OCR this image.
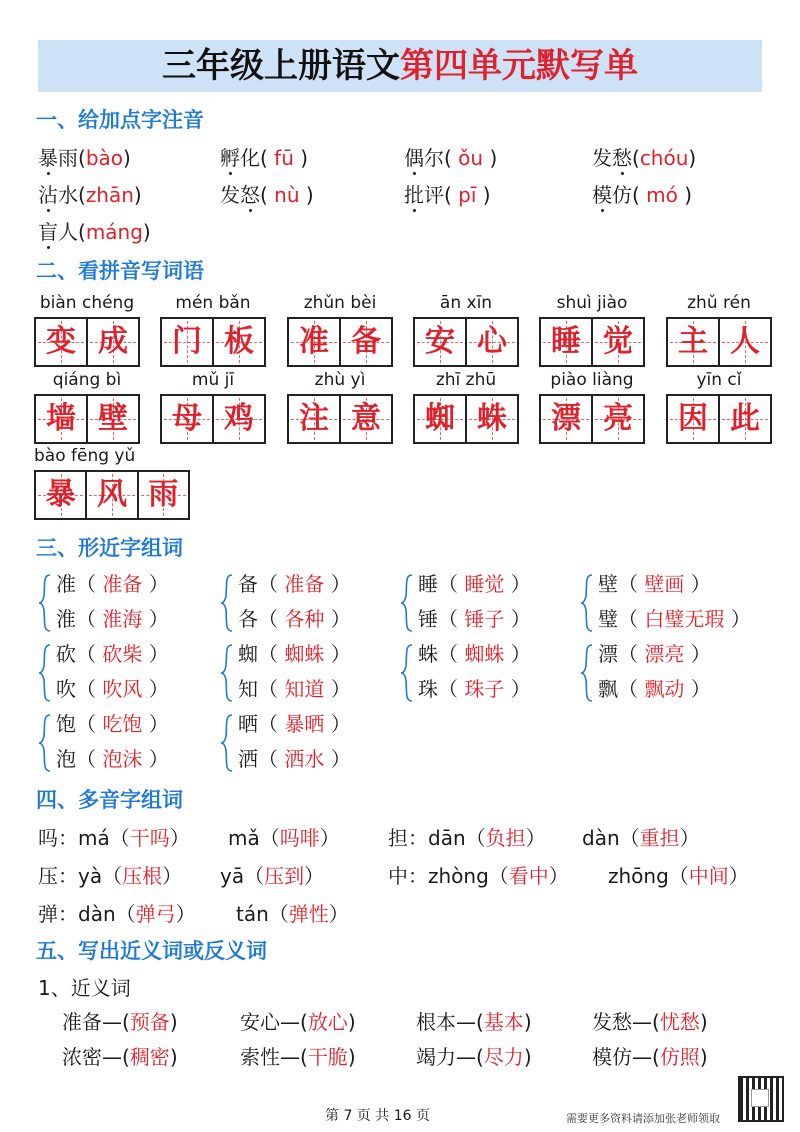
三年级上册语文第四单元默写单
一、给加点字注音
暴雨(bào)	孵化( fū )	偶尔( ǒu )	发愁(chóu)
沾水(zhān)	发怒( nù )	批评( pī )	模仿( mó )
盲人(máng)
二、看拼音写词语
biàn chéng
变 成
mén bǎn
门 板
zhǔn bèi
准 备
ān xīn
安 心
shuì jiào
睡 觉
zhǔ rén
主 人
qiáng bì
墙 壁
mǔ jī
母 鸡
zhù yì
注 意
zhī zhū
蜘 蛛
piào liàng
漂 亮
yīn cǐ
因 此
bào fēng yǔ
暴 风 雨
三、形近字组词
准（ 准备 ）
淮（ 淮海 ）
备（ 准备 ）
各（ 各种 ）
睡（ 睡觉 ）
锤（ 锤子 ）
壁（ 壁画 ）
璧（ 白璧无瑕 ）
砍（ 砍柴 ）
吹（ 吹风 ）
蜘（ 蜘蛛 ）
知（ 知道 ）
蛛（ 蜘蛛 ）
珠（ 珠子 ）
漂（ 漂亮 ）
飘（ 飘动 ）
饱（ 吃饱 ）
泡（ 泡沫 ）
晒（ 暴晒 ）
洒（ 洒水 ）
四、多音字组词
吗：má（干吗） mǎ（吗啡） 担：dān（负担） dàn（重担）
压：yà（压根） yā（压到）	中：zhòng（看中） zhōng（中间）
弹：dàn（弹弓） tán（弹性）
五、写出近义词或反义词
1、近义词
准备—(预备)	安心—(放心)	根本—(基本)	发愁—(忧愁)
浓密—(稠密)	索性—(干脆)	竭力—(尽力)	模仿—(仿照)
第 7 页 共 16 页	需要更多资料请添加张老师领取
